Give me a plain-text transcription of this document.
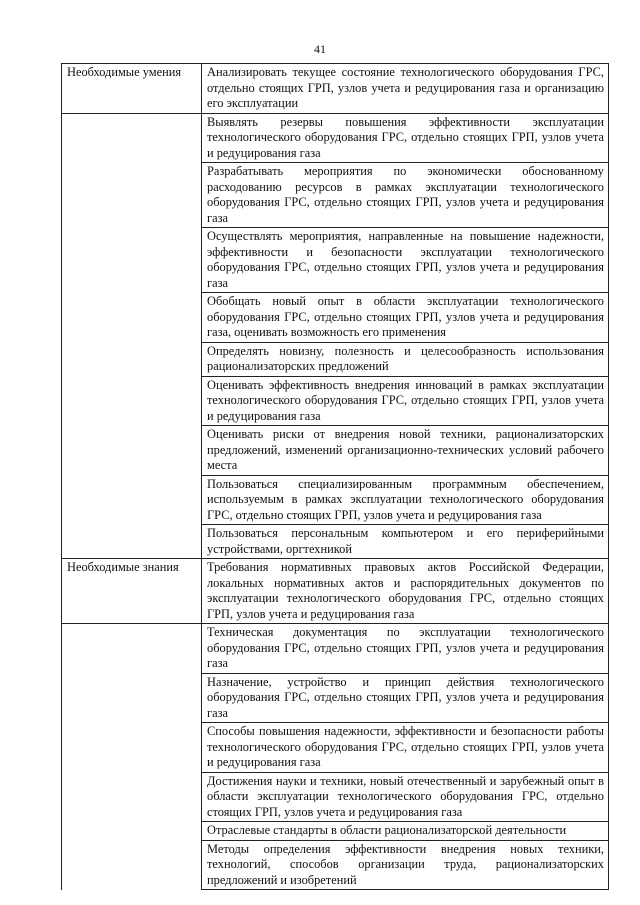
41
Необходимые умения	Анализировать текущее состояние технологического оборудования ГРС, отдельно стоящих ГРП, узлов учета и редуцирования газа и организацию его эксплуатации
	Выявлять резервы повышения эффективности эксплуатации технологического оборудования ГРС, отдельно стоящих ГРП, узлов учета и редуцирования газа
	Разрабатывать мероприятия по экономически обоснованному расходованию ресурсов в рамках эксплуатации технологического оборудования ГРС, отдельно стоящих ГРП, узлов учета и редуцирования газа
	Осуществлять мероприятия, направленные на повышение надежности, эффективности и безопасности эксплуатации технологического оборудования ГРС, отдельно стоящих ГРП, узлов учета и редуцирования газа
	Обобщать новый опыт в области эксплуатации технологического оборудования ГРС, отдельно стоящих ГРП, узлов учета и редуцирования газа, оценивать возможность его применения
	Определять новизну, полезность и целесообразность использования рационализаторских предложений
	Оценивать эффективность внедрения инноваций в рамках эксплуатации технологического оборудования ГРС, отдельно стоящих ГРП, узлов учета и редуцирования газа
	Оценивать риски от внедрения новой техники, рационализаторских предложений, изменений организационно-технических условий рабочего места
	Пользоваться специализированным программным обеспечением, используемым в рамках эксплуатации технологического оборудования ГРС, отдельно стоящих ГРП, узлов учета и редуцирования газа
	Пользоваться персональным компьютером и его периферийными устройствами, оргтехникой
Необходимые знания	Требования нормативных правовых актов Российской Федерации, локальных нормативных актов и распорядительных документов по эксплуатации технологического оборудования ГРС, отдельно стоящих ГРП, узлов учета и редуцирования газа
	Техническая документация по эксплуатации технологического оборудования ГРС, отдельно стоящих ГРП, узлов учета и редуцирования газа
	Назначение, устройство и принцип действия технологического оборудования ГРС, отдельно стоящих ГРП, узлов учета и редуцирования газа
	Способы повышения надежности, эффективности и безопасности работы технологического оборудования ГРС, отдельно стоящих ГРП, узлов учета и редуцирования газа
	Достижения науки и техники, новый отечественный и зарубежный опыт в области эксплуатации технологического оборудования ГРС, отдельно стоящих ГРП, узлов учета и редуцирования газа
	Отраслевые стандарты в области рационализаторской деятельности
	Методы определения эффективности внедрения новых техники, технологий, способов организации труда, рационализаторских предложений и изобретений
